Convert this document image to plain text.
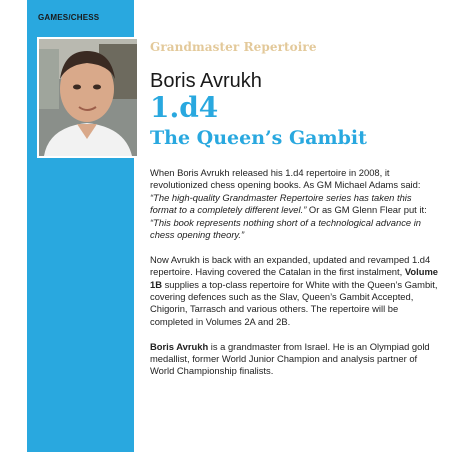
GAMES/CHESS
Grandmaster Repertoire
Boris Avrukh
1.d4
The Queen’s Gambit

When Boris Avrukh released his 1.d4 repertoire in 2008, it revolutionized chess opening books. As GM Michael Adams said: “The high-quality Grandmaster Repertoire series has taken this format to a completely different level.” Or as GM Glenn Flear put it: “This book represents nothing short of a technological advance in chess opening theory.”

Now Avrukh is back with an expanded, updated and revamped 1.d4 repertoire. Having covered the Catalan in the first instalment, Volume 1B supplies a top-class repertoire for White with the Queen’s Gambit, covering defences such as the Slav, Queen’s Gambit Accepted, Chigorin, Tarrasch and various others. The repertoire will be completed in Volumes 2A and 2B.

Boris Avrukh is a grandmaster from Israel. He is an Olympiad gold medallist, former World Junior Champion and analysis partner of World Championship finalists.
